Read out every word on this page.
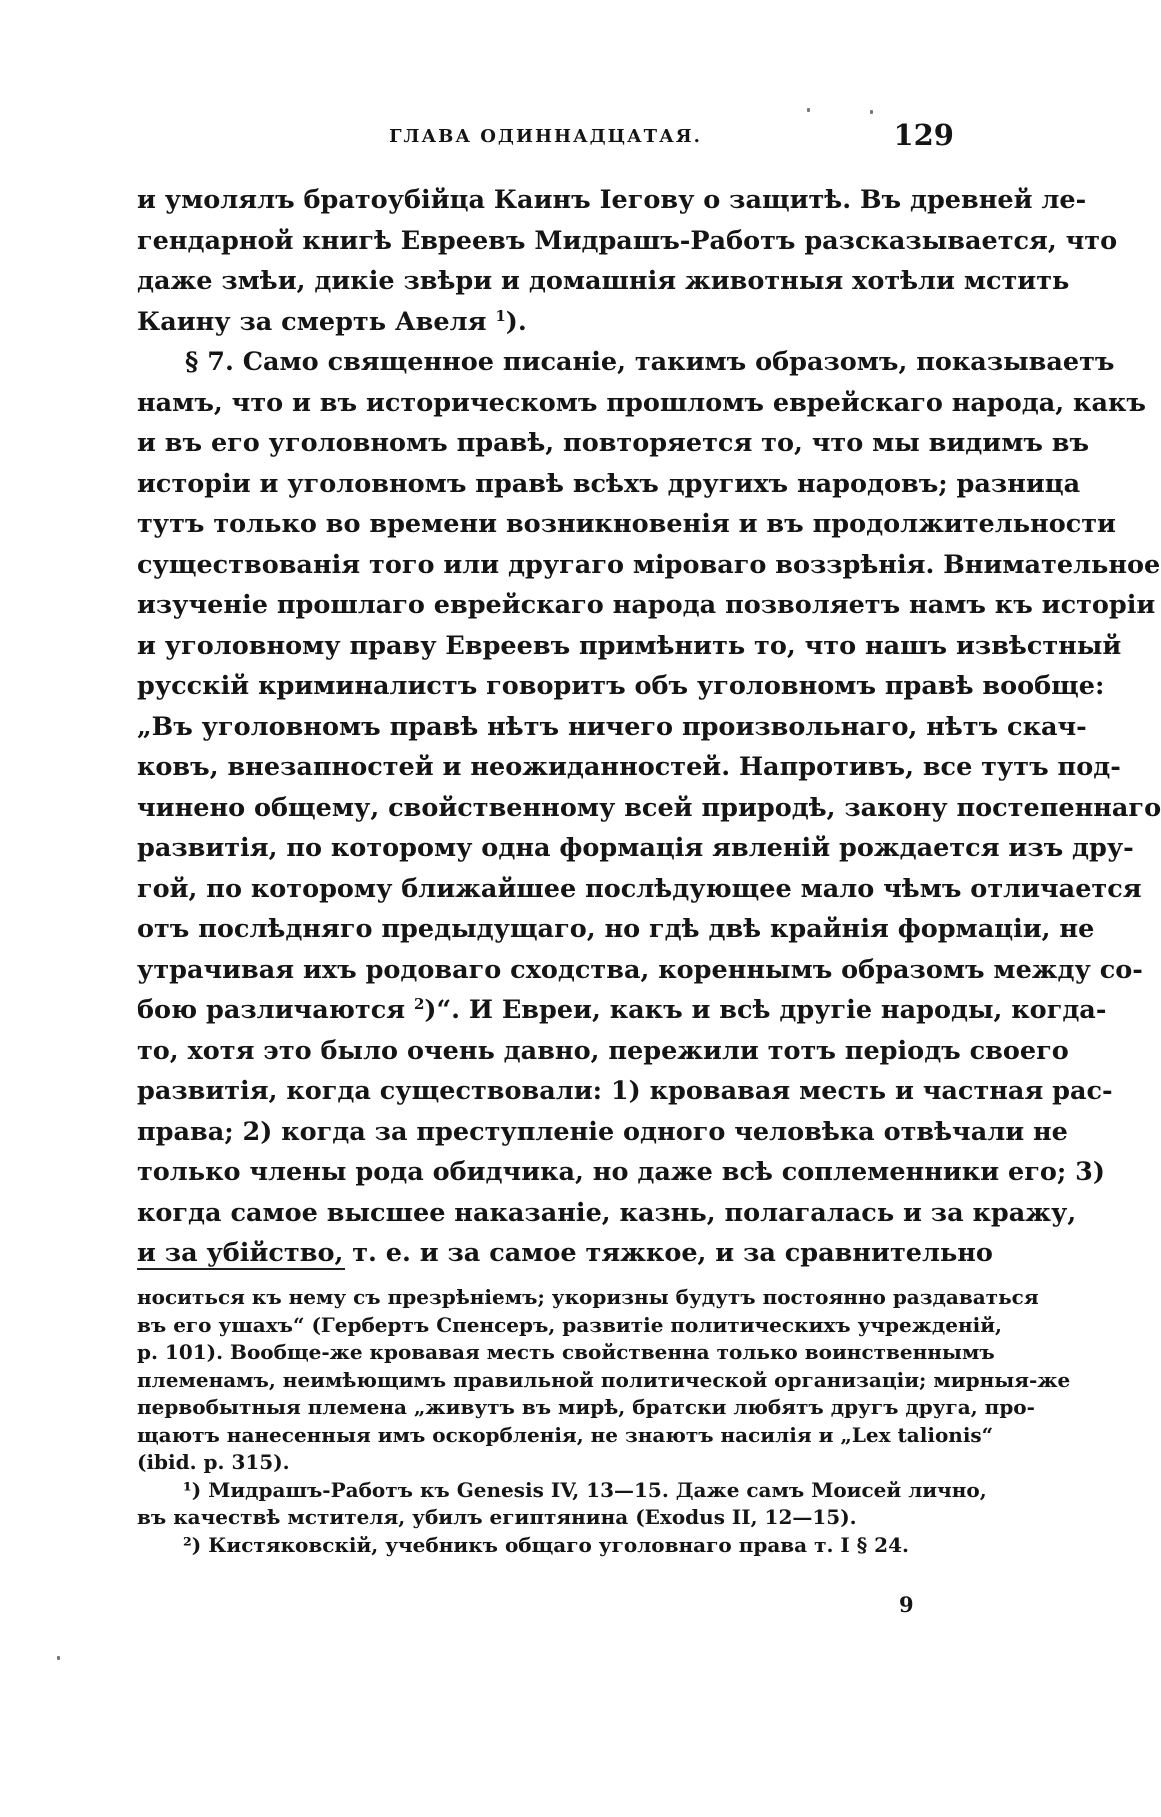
ГЛАВА ОДИННАДЦАТАЯ.	129
и умолялъ братоубійца Каинъ Іегову о защитѣ. Въ древней ле-
гендарной книгѣ Евреевъ Мидрашъ-Работъ разсказывается, что
даже змѣи, дикіе звѣри и домашнія животныя хотѣли мстить
Каину за смерть Авеля $^1$).
§ 7. Само священное писаніе, такимъ образомъ, показываетъ
намъ, что и въ историческомъ прошломъ еврейскаго народа, какъ
и въ его уголовномъ правѣ, повторяется то, что мы видимъ въ
исторіи и уголовномъ правѣ всѣхъ другихъ народовъ; разница
тутъ только во времени возникновенія и въ продолжительности
существованія того или другаго міроваго воззрѣнія. Внимательное
изученіе прошлаго еврейскаго народа позволяетъ намъ къ исторіи
и уголовному праву Евреевъ примѣнить то, что нашъ извѣстный
русскій криминалистъ говоритъ объ уголовномъ правѣ вообще:
„Въ уголовномъ правѣ нѣтъ ничего произвольнаго, нѣтъ скач-
ковъ, внезапностей и неожиданностей. Напротивъ, все тутъ под-
чинено общему, свойственному всей природѣ, закону постепеннаго
развитія, по которому одна формація явленій рождается изъ дру-
гой, по которому ближайшее послѣдующее мало чѣмъ отличается
отъ послѣдняго предыдущаго, но гдѣ двѣ крайнія формаціи, не
утрачивая ихъ родоваго сходства, кореннымъ образомъ между со-
бою различаются $^2$)“. И Евреи, какъ и всѣ другіе народы, когда-
то, хотя это было очень давно, пережили тотъ періодъ своего
развитія, когда существовали: 1) кровавая месть и частная рас-
права; 2) когда за преступленіе одного человѣка отвѣчали не
только члены рода обидчика, но даже всѣ соплеменники его; 3)
когда самое высшее наказаніе, казнь, полагалась и за кражу,
и за убійство, т. е. и за самое тяжкое, и за сравнительно
носиться къ нему съ презрѣніемъ; укоризны будутъ постоянно раздаваться
въ его ушахъ“ (Гербертъ Спенсеръ, развитіе политическихъ учрежденій,
p. 101). Вообще-же кровавая месть свойственна только воинственнымъ
племенамъ, неимѣющимъ правильной политической организаціи; мирныя-же
первобытныя племена „живутъ въ мирѣ, братски любятъ другъ друга, про-
щаютъ нанесенныя имъ оскорбленія, не знаютъ насилія и „Lex talionis“
(ibid. p. 315).
¹) Мидрашъ-Работъ къ Genesis IV, 13—15. Даже самъ Моисей лично,
въ качествѣ мстителя, убилъ египтянина (Exodus II, 12—15).
²) Кистяковскій, учебникъ общаго уголовнаго права т. I § 24.
9
